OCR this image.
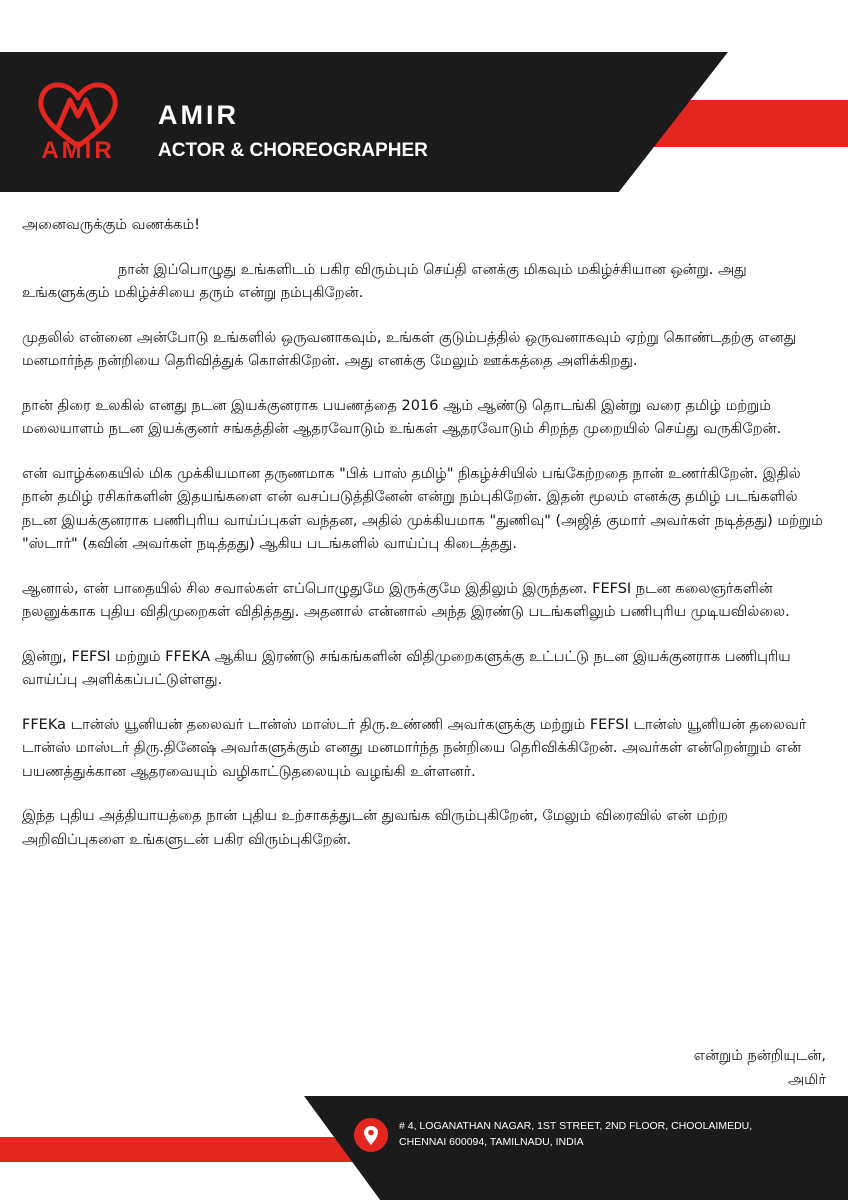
AMIR
AMIR
ACTOR & CHOREOGRAPHER

அனைவருக்கும் வணக்கம்!

நான் இப்பொழுது உங்களிடம் பகிர விரும்பும் செய்தி எனக்கு மிகவும் மகிழ்ச்சியான ஒன்று. அது உங்களுக்கும் மகிழ்ச்சியை தரும் என்று நம்புகிறேன்.

முதலில் என்னை அன்போடு உங்களில் ஒருவனாகவும், உங்கள் குடும்பத்தில் ஒருவனாகவும் ஏற்று கொண்டதற்கு எனது மனமார்ந்த நன்றியை தெரிவித்துக் கொள்கிறேன். அது எனக்கு மேலும் ஊக்கத்தை அளிக்கிறது.

நான் திரை உலகில் எனது நடன இயக்குனராக பயணத்தை 2016 ஆம் ஆண்டு தொடங்கி இன்று வரை தமிழ் மற்றும் மலையாளம் நடன இயக்குனர் சங்கத்தின் ஆதரவோடும் உங்கள் ஆதரவோடும் சிறந்த முறையில் செய்து வருகிறேன்.

என் வாழ்க்கையில் மிக முக்கியமான தருணமாக "பிக் பாஸ் தமிழ்" நிகழ்ச்சியில் பங்கேற்றதை நான் உணர்கிறேன். இதில் நான் தமிழ் ரசிகர்களின் இதயங்களை என் வசப்படுத்தினேன் என்று நம்புகிறேன். இதன் மூலம் எனக்கு தமிழ் படங்களில் நடன இயக்குனராக பணிபுரிய வாய்ப்புகள் வந்தன, அதில் முக்கியமாக "துணிவு" (அஜித் குமார் அவர்கள் நடித்தது) மற்றும் "ஸ்டார்" (கவின் அவர்கள் நடித்தது) ஆகிய படங்களில் வாய்ப்பு கிடைத்தது.

ஆனால், என் பாதையில் சில சவால்கள் எப்பொழுதுமே இருக்குமே இதிலும் இருந்தன. FEFSI நடன கலைஞர்களின் நலனுக்காக புதிய விதிமுறைகள் விதித்தது. அதனால் என்னால் அந்த இரண்டு படங்களிலும் பணிபுரிய முடியவில்லை.

இன்று, FEFSI மற்றும் FFEKA ஆகிய இரண்டு சங்கங்களின் விதிமுறைகளுக்கு உட்பட்டு நடன இயக்குனராக பணிபுரிய வாய்ப்பு அளிக்கப்பட்டுள்ளது.

FFEKa டான்ஸ் யூனியன் தலைவர் டான்ஸ் மாஸ்டர் திரு.உண்ணி அவர்களுக்கு மற்றும் FEFSI டான்ஸ் யூனியன் தலைவர் டான்ஸ் மாஸ்டர் திரு.தினேஷ் அவர்களுக்கும் எனது மனமார்ந்த நன்றியை தெரிவிக்கிறேன். அவர்கள் என்றென்றும் என் பயணத்துக்கான ஆதரவையும் வழிகாட்டுதலையும் வழங்கி உள்ளனர்.

இந்த புதிய அத்தியாயத்தை நான் புதிய உற்சாகத்துடன் துவங்க விரும்புகிறேன், மேலும் விரைவில் என் மற்ற அறிவிப்புகளை உங்களுடன் பகிர விரும்புகிறேன்.

என்றும் நன்றியுடன்,
அமிர்
# 4, LOGANATHAN NAGAR, 1ST STREET, 2ND FLOOR, CHOOLAIMEDU,
CHENNAI 600094, TAMILNADU, INDIA
